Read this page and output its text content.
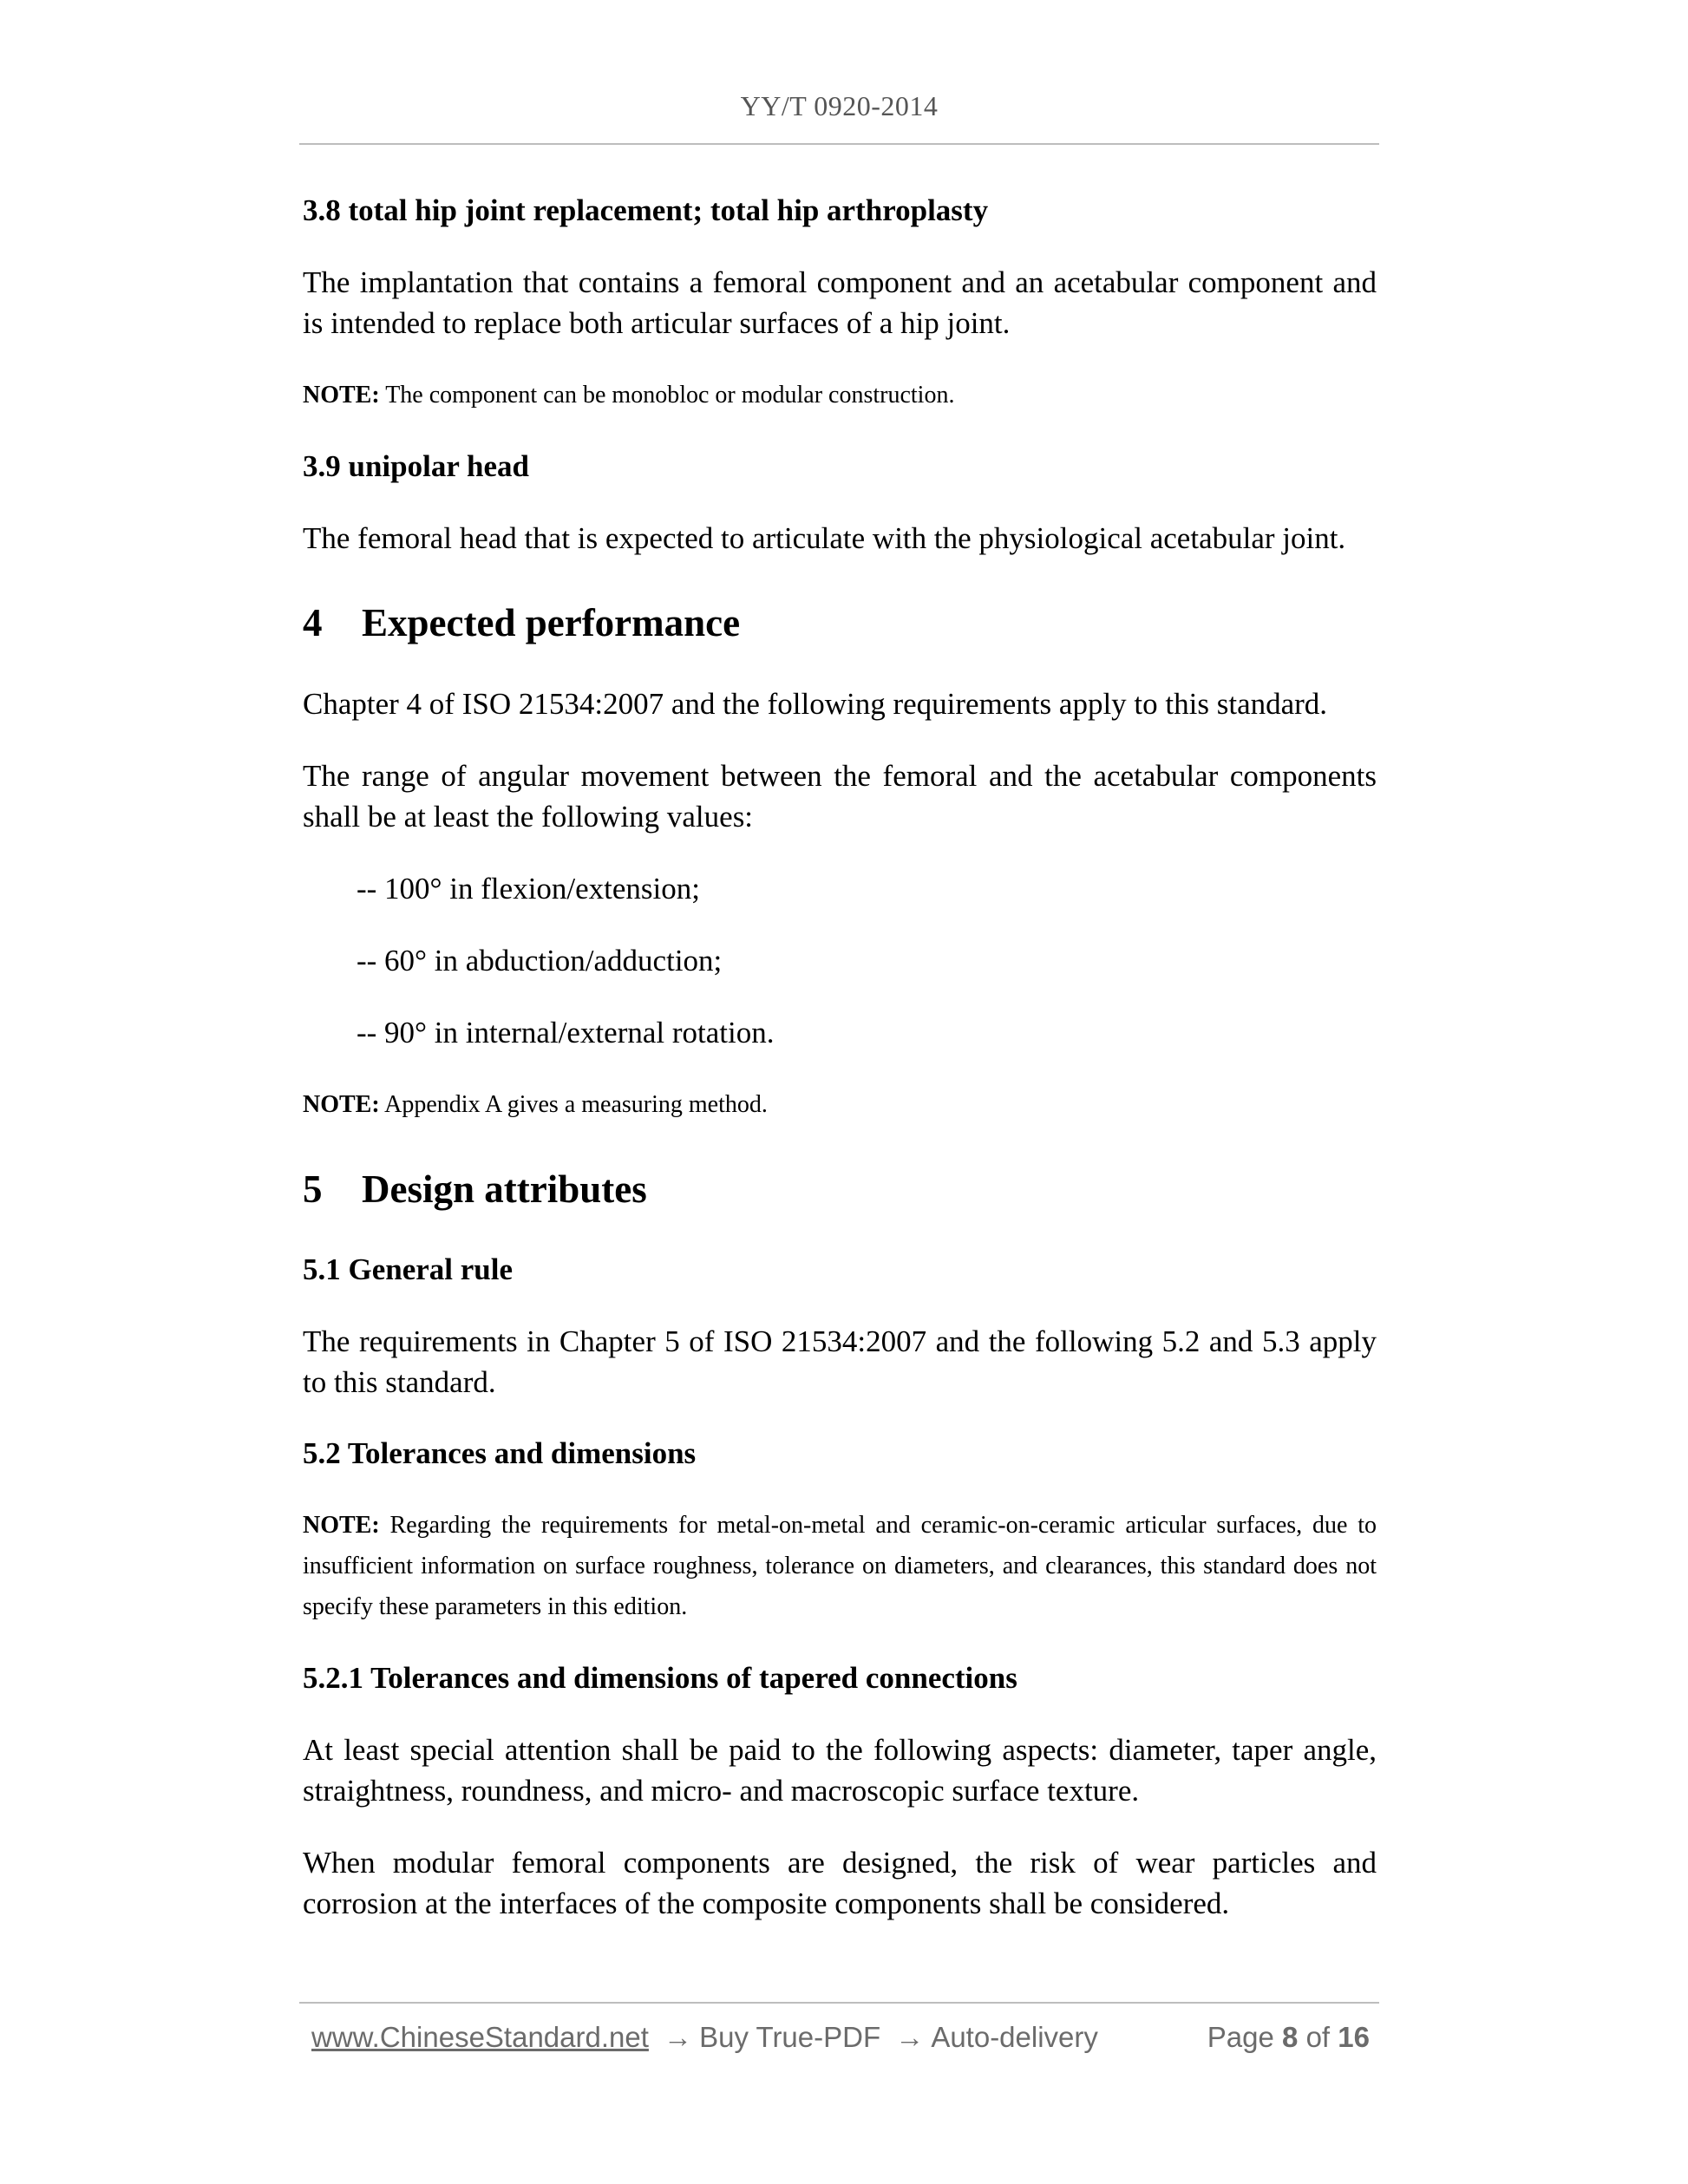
YY/T 0920-2014
3.8 total hip joint replacement; total hip arthroplasty

The implantation that contains a femoral component and an acetabular component and is intended to replace both articular surfaces of a hip joint.

NOTE: The component can be monobloc or modular construction.

3.9 unipolar head

The femoral head that is expected to articulate with the physiological acetabular joint.

4	Expected performance

Chapter 4 of ISO 21534:2007 and the following requirements apply to this standard.

The range of angular movement between the femoral and the acetabular components shall be at least the following values:

-- 100° in flexion/extension;
-- 60° in abduction/adduction;
-- 90° in internal/external rotation.

NOTE: Appendix A gives a measuring method.

5	Design attributes
5.1 General rule

The requirements in Chapter 5 of ISO 21534:2007 and the following 5.2 and 5.3 apply to this standard.

5.2 Tolerances and dimensions

NOTE: Regarding the requirements for metal-on-metal and ceramic-on-ceramic articular surfaces, due to insufficient information on surface roughness, tolerance on diameters, and clearances, this standard does not specify these parameters in this edition.

5.2.1 Tolerances and dimensions of tapered connections

At least special attention shall be paid to the following aspects: diameter, taper angle, straightness, roundness, and micro- and macroscopic surface texture.

When modular femoral components are designed, the risk of wear particles and corrosion at the interfaces of the composite components shall be considered.

www.ChineseStandard.net → Buy True-PDF → Auto-delivery	Page 8 of 16
